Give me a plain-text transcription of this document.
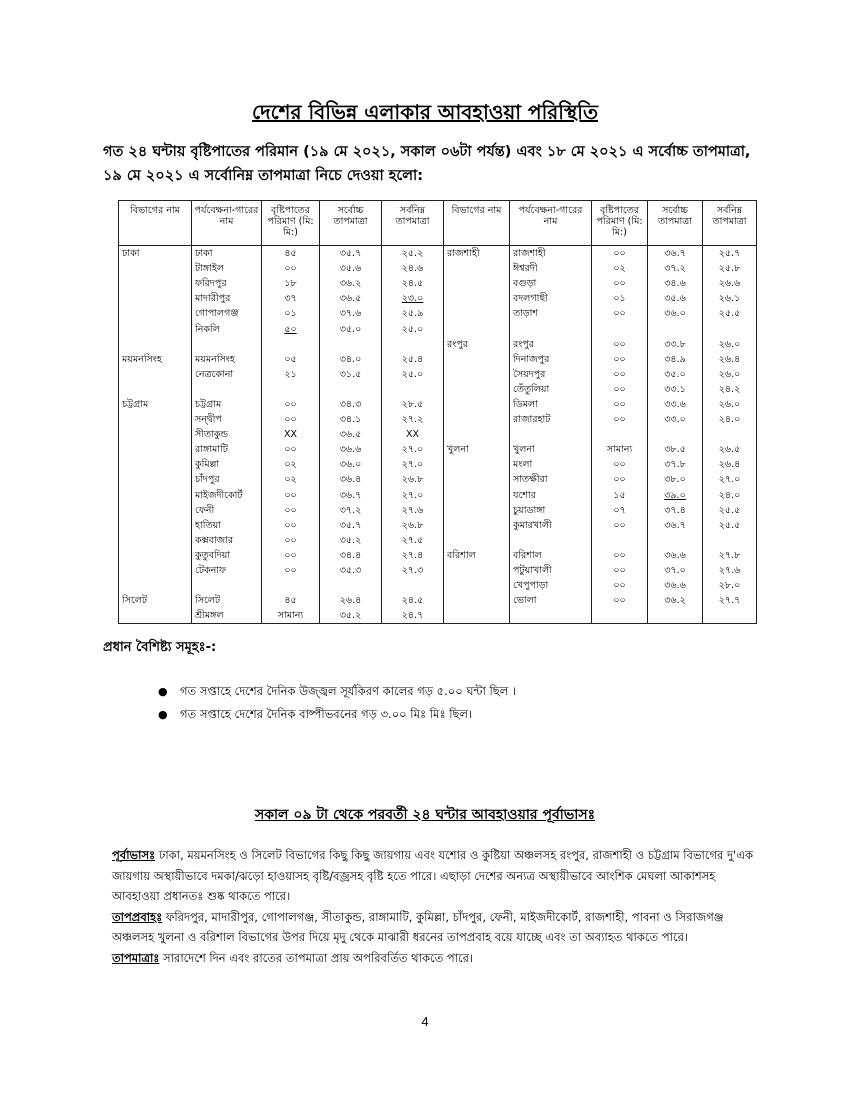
দেশের বিভিন্ন এলাকার আবহাওয়া পরিস্থিতি
গত ২৪ ঘন্টায় বৃষ্টিপাতের পরিমান (১৯ মে ২০২১, সকাল ০৬টা পর্যন্ত) এবং ১৮ মে ২০২১ এ সর্বোচ্চ তাপমাত্রা, ১৯ মে ২০২১ এ সর্বোনিম্ন তাপমাত্রা নিচে দেওয়া হলো:
বিভাগের নাম	পর্যবেক্ষনা-গারের নাম	বৃষ্টিপাতের পরিমাণ (মি: মি:)	সর্বোচ্চ তাপমাত্রা	সর্বনিম্ন তাপমাত্রা	বিভাগের নাম	পর্যবেক্ষনা-গারের নাম	বৃষ্টিপাতের পরিমাণ (মি: মি:)	সর্বোচ্চ তাপমাত্রা	সর্বনিম্ন তাপমাত্রা
ঢাকা	ঢাকা	৪৫	৩৫.৭	২৫.২	রাজশাহী	রাজশাহী	০০	৩৬.৭	২৫.৭
	টাঙ্গাইল	০০	৩৫.৬	২৪.৬		ঈশ্বরদী	০২	৩৭.২	২৫.৮
	ফরিদপুর	১৮	৩৬.২	২৪.৫		বগুড়া	০০	৩৪.৬	২৬.৬
	মাদারীপুর	৩৭	৩৬.৫	২৩.০		বদলগাছী	০১	৩৫.৬	২৬.১
	গোপালগঞ্জ	০১	৩৭.৬	২৫.৯		তাড়াশ	০০	৩৬.০	২৫.৫
	নিকলি	৫০	৩৫.০	২৫.০					
					রংপুর	রংপুর	০০	৩৩.৮	২৬.০
ময়মনসিংহ	ময়মনসিংহ	০৫	৩৪.০	২৫.৪		দিনাজপুর	০০	৩৪.৯	২৬.৪
	নেত্রকোনা	২১	৩১.৫	২৫.০		সৈয়দপুর	০০	৩৫.০	২৬.০
						তেঁতুলিয়া	০০	৩৩.১	২৪.২
চট্টগ্রাম	চট্টগ্রাম	০০	৩৪.৩	২৮.৫		ডিমলা	০০	৩৩.৬	২৬.০
	সন্দ্বীপ	০০	৩৪.১	২৭.২		রাজারহাট	০০	৩৩.০	২৪.০
	সীতাকুন্ড	XX	৩৬.৫	XX					
	রাঙ্গামাটি	০০	৩৬.৬	২৭.০	খুলনা	খুলনা	সামান্য	৩৮.৫	২৬.৫
	কুমিল্লা	০২	৩৬.০	২৭.০		মংলা	০০	৩৭.৮	২৬.৪
	চাঁদপুর	০২	৩৬.৪	২৬.৮		সাতক্ষীরা	০০	৩৮.০	২৭.০
	মাইজদীকোর্ট	০০	৩৬.৭	২৭.০		যশোর	১৫	৩৯.০	২৪.০
	ফেনী	০০	৩৭.২	২৭.৬		চুয়াডাঙ্গা	০৭	৩৭.৪	২৫.৫
	হাতিয়া	০০	৩৫.৭	২৬.৮		কুমারখালী	০০	৩৬.৭	২৫.৫
	কক্সবাজার	০০	৩৫.২	২৭.৫					
	কুতুবদিয়া	০০	৩৪.৪	২৭.৪	বরিশাল	বরিশাল	০০	৩৬.৬	২৭.৮
	টেকনাফ	০০	৩৫.৩	২৭.৩		পটুয়াখালী	০০	৩৭.০	২৭.৬
						খেপুপাড়া	০০	৩৬.৬	২৮.০
সিলেট	সিলেট	৪৫	২৬.৪	২৪.৫		ভোলা	০০	৩৬.২	২৭.৭
	শ্রীমঙ্গল	সামান্য	৩৫.২	২৪.৭					
প্রধান বৈশিষ্ট্য সমূহঃ-:
● গত সপ্তাহে দেশের দৈনিক উজ্জ্বল সূর্যকিরণ কালের গড় ৫.০০ ঘন্টা ছিল ।
● গত সপ্তাহে দেশের দৈনিক বাষ্পীভবনের গড় ৩.০০ মিঃ মিঃ ছিল।
সকাল ০৯ টা থেকে পরবর্তী ২৪ ঘন্টার আবহাওয়ার পূর্বাভাসঃ

পূর্বাভাসঃ ঢাকা, ময়মনসিংহ ও সিলেট বিভাগের কিছু কিছু জায়গায় এবং যশোর ও কুষ্টিয়া অঞ্চলসহ রংপুর, রাজশাহী ও চট্টগ্রাম বিভাগের দু'এক জায়গায় অস্থায়ীভাবে দমকা/ঝড়ো হাওয়াসহ বৃষ্টি/বজ্রসহ বৃষ্টি হতে পারে। এছাড়া দেশের অন্যত্র অস্থায়ীভাবে আংশিক মেঘলা আকাশসহ আবহাওয়া প্রধানতঃ শুষ্ক থাকতে পারে।

তাপপ্রবাহঃ ফরিদপুর, মাদারীপুর, গোপালগঞ্জ, সীতাকুন্ড, রাঙ্গামাটি, কুমিল্লা, চাঁদপুর, ফেনী, মাইজদীকোর্ট, রাজশাহী, পাবনা ও সিরাজগঞ্জ অঞ্চলসহ খুলনা ও বরিশাল বিভাগের উপর দিয়ে মৃদু থেকে মাঝারী ধরনের তাপপ্রবাহ বয়ে যাচ্ছে এবং তা অব্যাহত থাকতে পারে।

তাপমাত্রাঃ সারাদেশে দিন এবং রাতের তাপমাত্রা প্রায় অপরিবর্তিত থাকতে পারে।

4
